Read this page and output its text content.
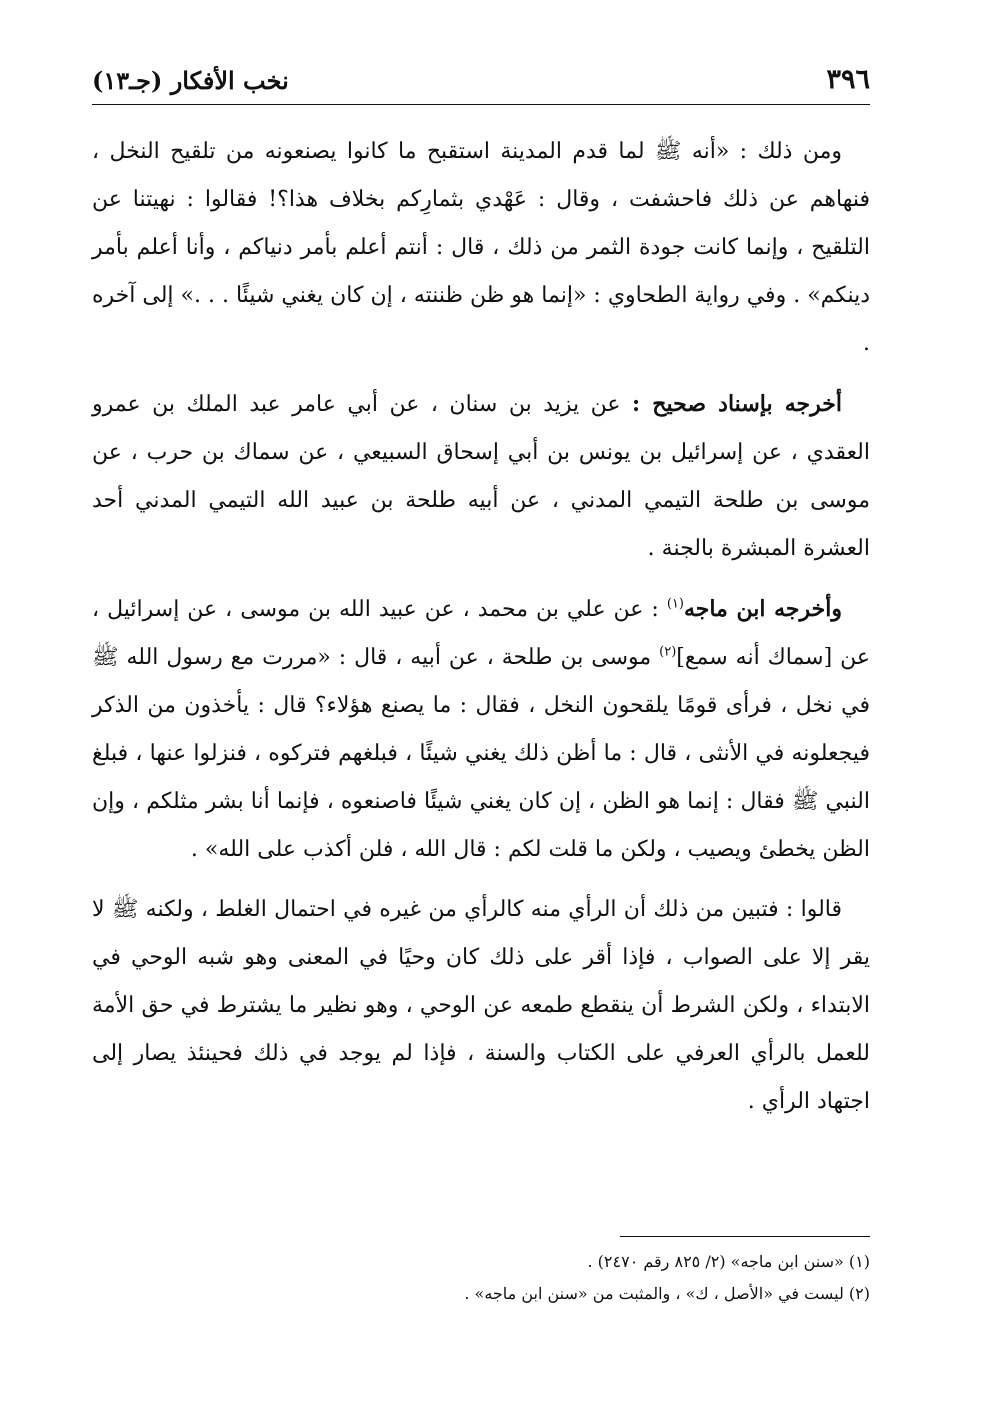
٣٩٦
نخب الأفكار (جـ١٣)

ومن ذلك : «أنه ﷺ لما قدم المدينة استقبح ما كانوا يصنعونه من تلقيح النخل ، فنهاهم عن ذلك فاحشفت ، وقال : عَهْدي بثمارِكم بخلاف هذا؟! فقالوا : نهيتنا عن التلقيح ، وإنما كانت جودة الثمر من ذلك ، قال : أنتم أعلم بأمر دنياكم ، وأنا أعلم بأمر دينكم» . وفي رواية الطحاوي : «إنما هو ظن ظننته ، إن كان يغني شيئًا . . .» إلى آخره .

أخرجه بإسناد صحيح : عن يزيد بن سنان ، عن أبي عامر عبد الملك بن عمرو العقدي ، عن إسرائيل بن يونس بن أبي إسحاق السبيعي ، عن سماك بن حرب ، عن موسى بن طلحة التيمي المدني ، عن أبيه طلحة بن عبيد الله التيمي المدني أحد العشرة المبشرة بالجنة .

وأخرجه ابن ماجه$^{(١)}$ : عن علي بن محمد ، عن عبيد الله بن موسى ، عن إسرائيل ، عن [سماك أنه سمع]$^{(٢)}$ موسى بن طلحة ، عن أبيه ، قال : «مررت مع رسول الله ﷺ في نخل ، فرأى قومًا يلقحون النخل ، فقال : ما يصنع هؤلاء؟ قال : يأخذون من الذكر فيجعلونه في الأنثى ، قال : ما أظن ذلك يغني شيئًا ، فبلغهم فتركوه ، فنزلوا عنها ، فبلغ النبي ﷺ فقال : إنما هو الظن ، إن كان يغني شيئًا فاصنعوه ، فإنما أنا بشر مثلكم ، وإن الظن يخطئ ويصيب ، ولكن ما قلت لكم : قال الله ، فلن أكذب على الله» .

قالوا : فتبين من ذلك أن الرأي منه كالرأي من غيره في احتمال الغلط ، ولكنه ﷺ لا يقر إلا على الصواب ، فإذا أقر على ذلك كان وحيًا في المعنى وهو شبه الوحي في الابتداء ، ولكن الشرط أن ينقطع طمعه عن الوحي ، وهو نظير ما يشترط في حق الأمة للعمل بالرأي العرفي على الكتاب والسنة ، فإذا لم يوجد في ذلك فحينئذ يصار إلى اجتهاد الرأي .

(١) «سنن ابن ماجه» (٢/ ٨٢٥ رقم ٢٤٧٠) .

(٢) ليست في «الأصل ، ك» ، والمثبت من «سنن ابن ماجه» .
